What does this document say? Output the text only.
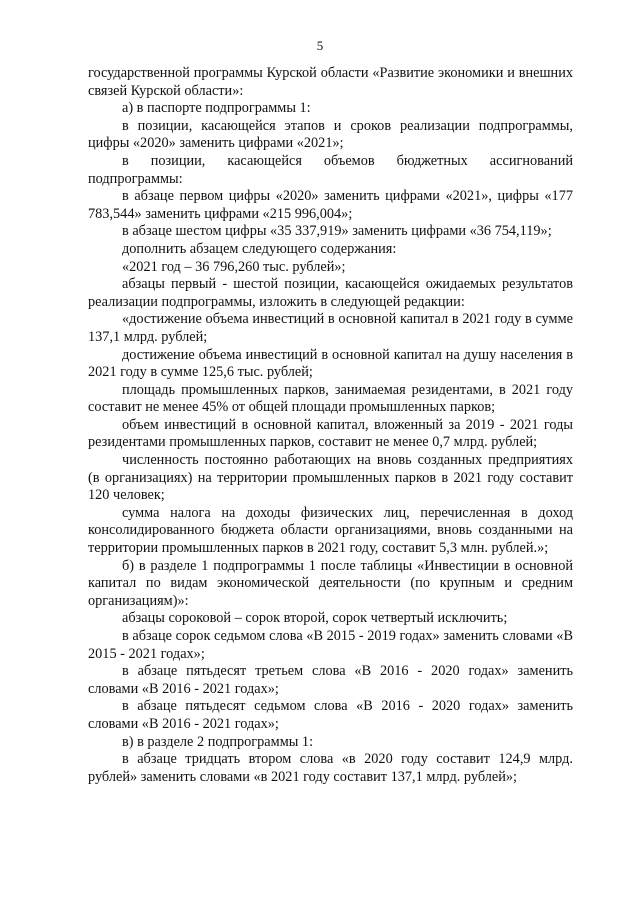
5

государственной программы Курской области «Развитие экономики и внешних связей Курской области»:

а) в паспорте подпрограммы 1:

в позиции, касающейся этапов и сроков реализации подпрограммы, цифры «2020» заменить цифрами «2021»;

в позиции, касающейся объемов бюджетных ассигнований подпрограммы:

в абзаце первом цифры «2020» заменить цифрами «2021», цифры «177 783,544» заменить цифрами «215 996,004»;

в абзаце шестом цифры «35 337,919» заменить цифрами «36 754,119»;

дополнить абзацем следующего содержания:

«2021 год – 36 796,260 тыс. рублей»;

абзацы первый - шестой позиции, касающейся ожидаемых результатов реализации подпрограммы, изложить в следующей редакции:

«достижение объема инвестиций в основной капитал в 2021 году в сумме 137,1 млрд. рублей;

достижение объема инвестиций в основной капитал на душу населения в 2021 году в сумме 125,6 тыс. рублей;

площадь промышленных парков, занимаемая резидентами, в 2021 году составит не менее 45% от общей площади промышленных парков;

объем инвестиций в основной капитал, вложенный за 2019 - 2021 годы резидентами промышленных парков, составит не менее 0,7 млрд. рублей;

численность постоянно работающих на вновь созданных предприятиях (в организациях) на территории промышленных парков в 2021 году составит 120 человек;

сумма налога на доходы физических лиц, перечисленная в доход консолидированного бюджета области организациями, вновь созданными на территории промышленных парков в 2021 году, составит 5,3 млн. рублей.»;

б) в разделе 1 подпрограммы 1 после таблицы «Инвестиции в основной капитал по видам экономической деятельности (по крупным и средним организациям)»:

абзацы сороковой – сорок второй, сорок четвертый исключить;

в абзаце сорок седьмом слова «В 2015 - 2019 годах» заменить словами «В 2015 - 2021 годах»;

в абзаце пятьдесят третьем слова «В 2016 - 2020 годах» заменить словами «В 2016 - 2021 годах»;

в абзаце пятьдесят седьмом слова «В 2016 - 2020 годах» заменить словами «В 2016 - 2021 годах»;

в) в разделе 2 подпрограммы 1:

в абзаце тридцать втором слова «в 2020 году составит 124,9 млрд. рублей» заменить словами «в 2021 году составит 137,1 млрд. рублей»;
